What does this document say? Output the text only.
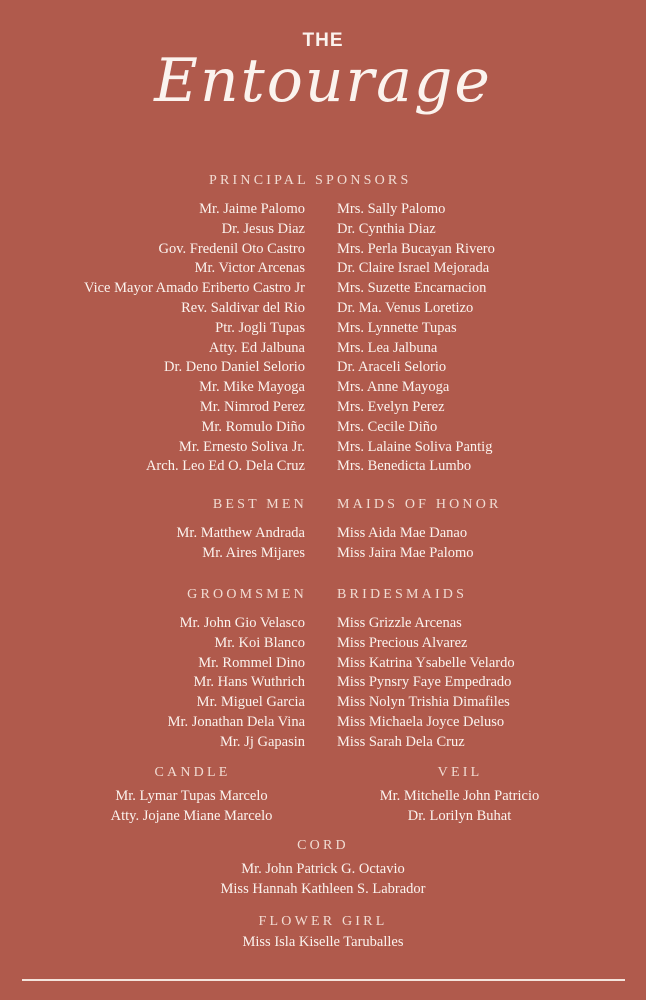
THE
Entourage
PRINCIPAL SPONSORS
Mr. Jaime Palomo
Dr. Jesus Diaz
Gov. Fredenil Oto Castro
Mr. Victor Arcenas
Vice Mayor Amado Eriberto Castro Jr
Rev. Saldivar del Rio
Ptr. Jogli Tupas
Atty. Ed Jalbuna
Dr. Deno Daniel Selorio
Mr. Mike Mayoga
Mr. Nimrod Perez
Mr. Romulo Diño
Mr. Ernesto Soliva Jr.
Arch. Leo Ed O. Dela Cruz
Mrs. Sally Palomo
Dr. Cynthia Diaz
Mrs. Perla Bucayan Rivero
Dr. Claire Israel Mejorada
Mrs. Suzette Encarnacion
Dr. Ma. Venus Loretizo
Mrs. Lynnette Tupas
Mrs. Lea Jalbuna
Dr. Araceli Selorio
Mrs. Anne Mayoga
Mrs. Evelyn Perez
Mrs. Cecile Diño
Mrs. Lalaine Soliva Pantig
Mrs. Benedicta Lumbo
BEST MEN MAIDS OF HONOR
Mr. Matthew Andrada
Mr. Aires Mijares
Miss Aida Mae Danao
Miss Jaira Mae Palomo
GROOMSMEN BRIDESMAIDS
Mr. John Gio Velasco
Mr. Koi Blanco
Mr. Rommel Dino
Mr. Hans Wuthrich
Mr. Miguel Garcia
Mr. Jonathan Dela Vina
Mr. Jj Gapasin
Miss Grizzle Arcenas
Miss Precious Alvarez
Miss Katrina Ysabelle Velardo
Miss Pynsry Faye Empedrado
Miss Nolyn Trishia Dimafiles
Miss Michaela Joyce Deluso
Miss Sarah Dela Cruz
CANDLE	VEIL
Mr. Lymar Tupas Marcelo
Atty. Jojane Miane Marcelo
Mr. Mitchelle John Patricio
Dr. Lorilyn Buhat
CORD
Mr. John Patrick G. Octavio
Miss Hannah Kathleen S. Labrador
FLOWER GIRL
Miss Isla Kiselle Taruballes
